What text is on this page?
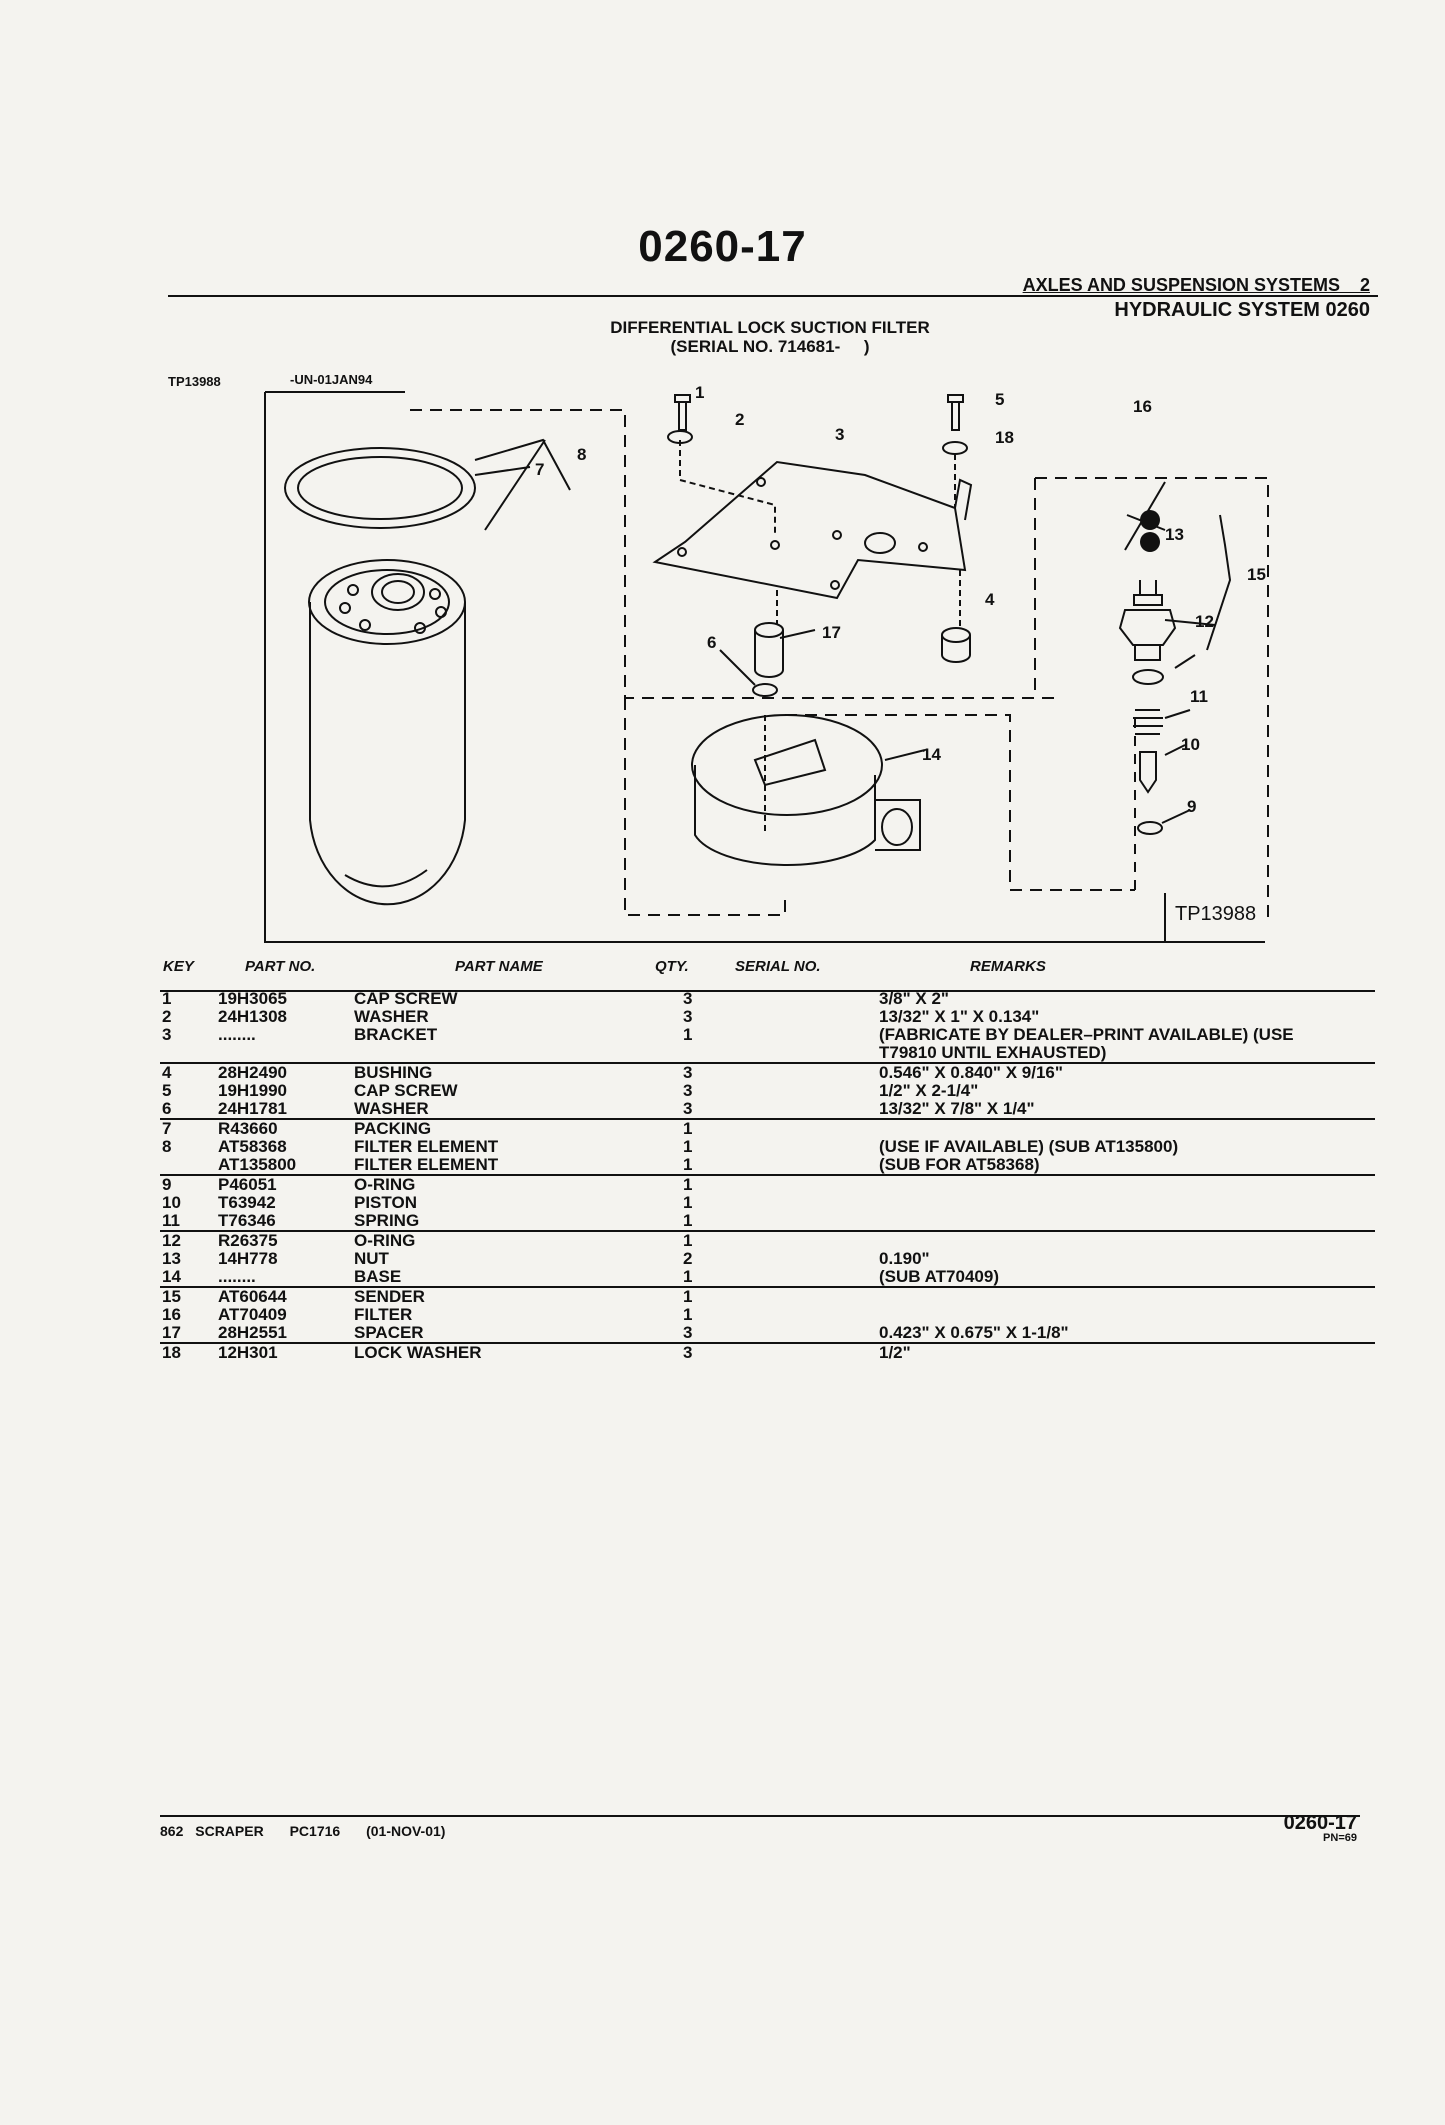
0260-17
AXLES AND SUSPENSION SYSTEMS    2
HYDRAULIC SYSTEM 0260
DIFFERENTIAL LOCK SUCTION FILTER
(SERIAL NO. 714681-     )
TP13988	-UN-01JAN94
1
2
3
4
5
6
7
8
9
10
11
12
13
14
15
16
17
18
TP13988
KEY	PART NO.	PART NAME	QTY.	SERIAL NO.	REMARKS
1	19H3065	CAP SCREW	3		3/8" X 2"
2	24H1308	WASHER	3		13/32" X 1" X 0.134"
3	........	BRACKET	1		(FABRICATE BY DEALER–PRINT AVAILABLE) (USE
					T79810 UNTIL EXHAUSTED)
4	28H2490	BUSHING	3		0.546" X 0.840" X 9/16"
5	19H1990	CAP SCREW	3		1/2" X 2-1/4"
6	24H1781	WASHER	3		13/32" X 7/8" X 1/4"
7	R43660	PACKING	1		
8	AT58368	FILTER ELEMENT	1		(USE IF AVAILABLE) (SUB AT135800)
	AT135800	FILTER ELEMENT	1		(SUB FOR AT58368)
9	P46051	O-RING	1		
10	T63942	PISTON	1		
11	T76346	SPRING	1		
12	R26375	O-RING	1		
13	14H778	NUT	2		0.190"
14	........	BASE	1		(SUB AT70409)
15	AT60644	SENDER	1		
16	AT70409	FILTER	1		
17	28H2551	SPACER	3		0.423" X 0.675" X 1-1/8"
18	12H301	LOCK WASHER	3		1/2"
862 SCRAPER PC1716 (01-NOV-01)	0260-17
PN=69
